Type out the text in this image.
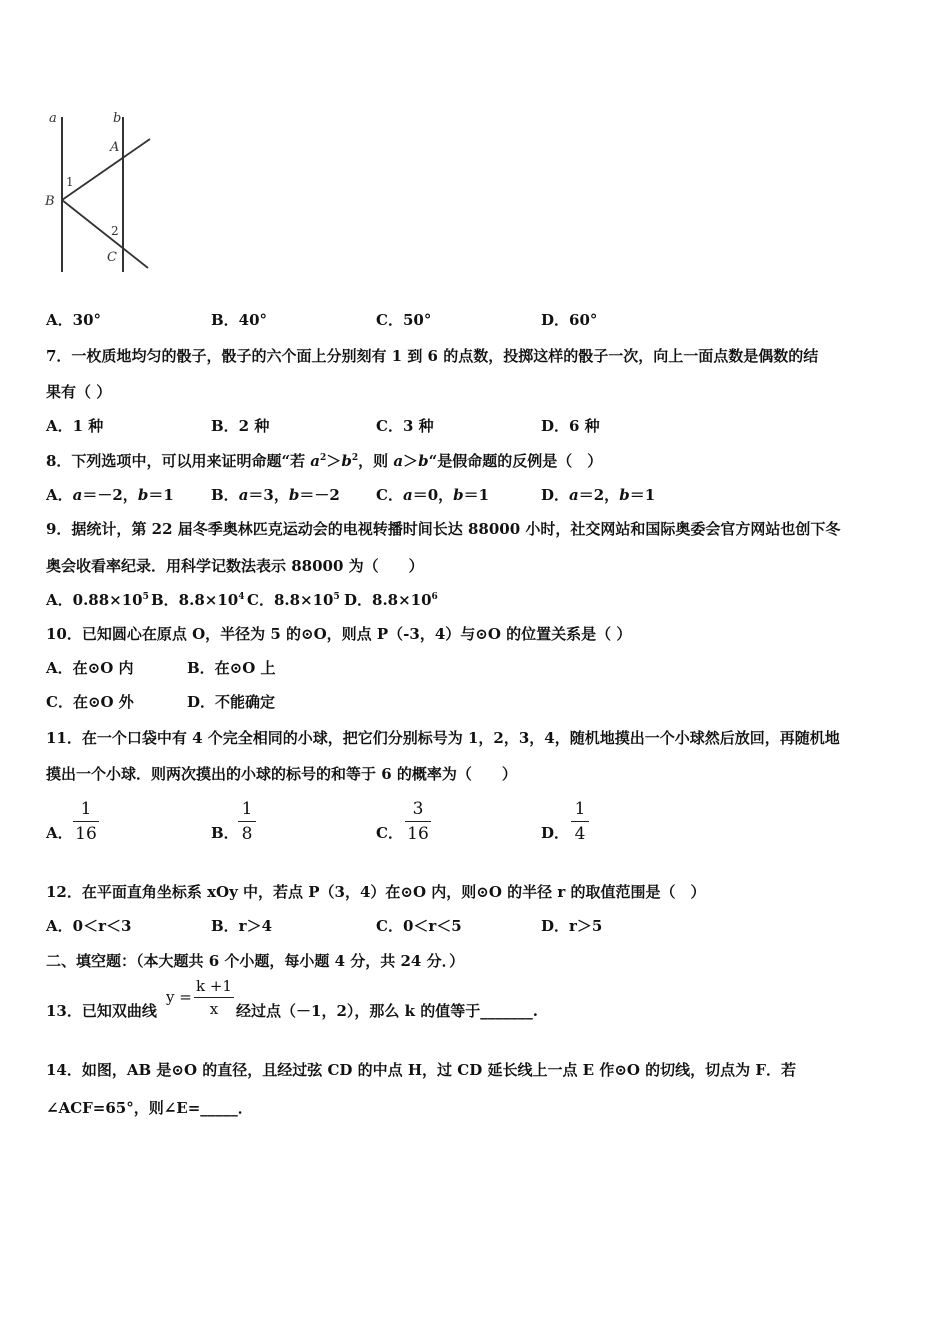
a	b
A
B
C
1
2
A．30°	B．40°	C．50°	D．60°
7．一枚质地均匀的骰子，骰子的六个面上分别刻有 1 到 6 的点数，投掷这样的骰子一次，向上一面点数是偶数的结
果有（ ）
A．1 种	B．2 种	C．3 种	D．6 种
8．下列选项中，可以用来证明命题“若 $a^2>b^2$，则 a＞b“是假命题的反例是（　）
A．a＝－2，b＝1 B．a＝3，b＝－2 C．a＝0，b＝1	D．a＝2，b＝1
9．据统计，第 22 届冬季奥林匹克运动会的电视转播时间长达 88000 小时，社交网站和国际奥委会官方网站也创下冬
奥会收看率纪录．用科学记数法表示 88000 为（　　）
A．$0.88\times 10^5$ B．$8.8\times 10^4$ C．$8.8\times 10^5$ D．$8.8\times 10^6$
10．已知圆心在原点 O，半径为 5 的⊙O，则点 P（-3，4）与⊙O 的位置关系是（ ）
A．在⊙O 内	B．在⊙O 上
C．在⊙O 外	D．不能确定
11．在一个口袋中有 4 个完全相同的小球，把它们分别标号为 1，2，3，4，随机地摸出一个小球然后放回，再随机地
摸出一个小球．则两次摸出的小球的标号的和等于 6 的概率为（　　）
A．
1
16	B．
1
8	C．
3
16	D．
1
4
12．在平面直角坐标系 xOy 中，若点 P（3，4）在⊙O 内，则⊙O 的半径 r 的取值范围是（　）
A．0＜r＜3	B．r＞4	C．0＜r＜5	D．r＞5
二、填空题：（本大题共 6 个小题，每小题 4 分，共 24 分．）
13．已知双曲线
y =
k +1
x	经过点（－1，2），那么 k 的值等于_______.
14．如图，AB 是⊙O 的直径，且经过弦 CD 的中点 H，过 CD 延长线上一点 E 作⊙O 的切线，切点为 F．若
∠ACF=65°，则∠E=_____．
